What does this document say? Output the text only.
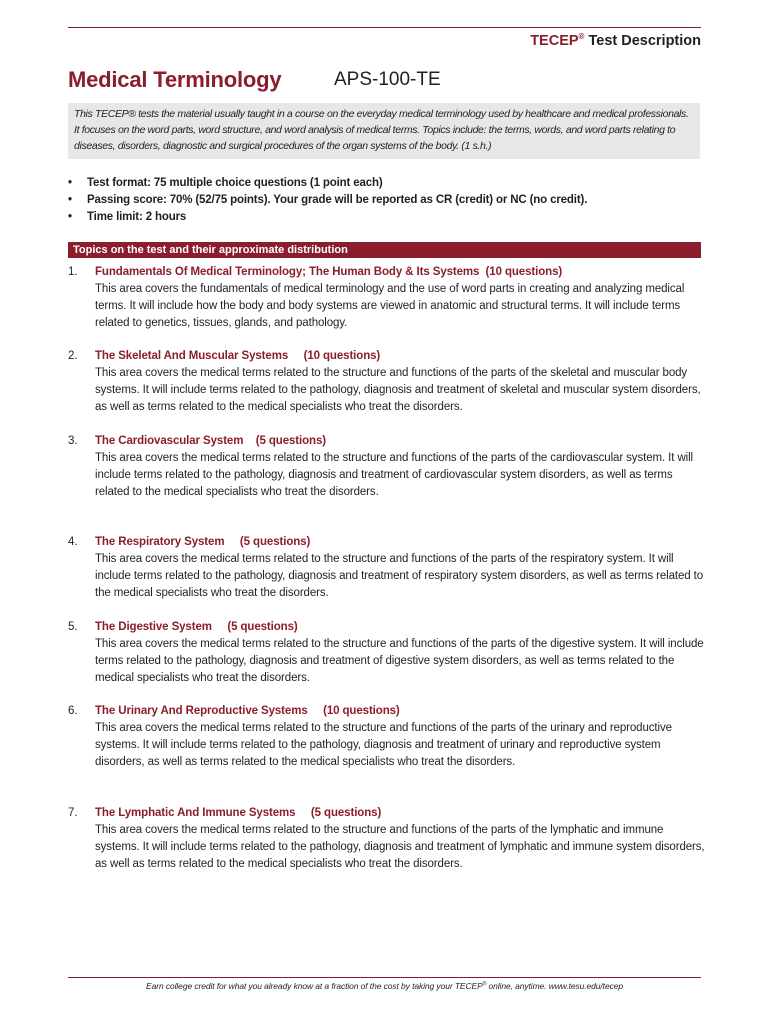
TECEP® Test Description
Medical Terminology	APS-100-TE
This TECEP® tests the material usually taught in a course on the everyday medical terminology used by healthcare and medical professionals. It focuses on the word parts, word structure, and word analysis of medical terms. Topics include: the terms, words, and word parts relating to diseases, disorders, diagnostic and surgical procedures of the organ systems of the body. (1 s.h.)
• Test format: 75 multiple choice questions (1 point each)
• Passing score: 70% (52/75 points). Your grade will be reported as CR (credit) or NC (no credit).
• Time limit: 2 hours
Topics on the test and their approximate distribution
1.	Fundamentals Of Medical Terminology; The Human Body & Its Systems  (10 questions)
This area covers the fundamentals of medical terminology and the use of word parts in creating and analyzing medical terms. It will include how the body and body systems are viewed in anatomic and structural terms. It will include terms related to genetics, tissues, glands, and pathology.
2.	The Skeletal And Muscular Systems     (10 questions)
This area covers the medical terms related to the structure and functions of the parts of the skeletal and muscular body systems. It will include terms related to the pathology, diagnosis and treatment of skeletal and muscular system disorders, as well as terms related to the medical specialists who treat the disorders.
3.	The Cardiovascular System    (5 questions)
This area covers the medical terms related to the structure and functions of the parts of the cardiovascular system. It will include terms related to the pathology, diagnosis and treatment of cardiovascular system disorders, as well as terms related to the medical specialists who treat the disorders.
4.	The Respiratory System     (5 questions)
This area covers the medical terms related to the structure and functions of the parts of the respiratory system. It will include terms related to the pathology, diagnosis and treatment of respiratory system disorders, as well as terms related to the medical specialists who treat the disorders.
5.	The Digestive System     (5 questions)
This area covers the medical terms related to the structure and functions of the parts of the digestive system. It will include terms related to the pathology, diagnosis and treatment of digestive system disorders, as well as terms related to the medical specialists who treat the disorders.
6.	The Urinary And Reproductive Systems     (10 questions)
This area covers the medical terms related to the structure and functions of the parts of the urinary and reproductive systems. It will include terms related to the pathology, diagnosis and treatment of urinary and reproductive system disorders, as well as terms related to the medical specialists who treat the disorders.
7.	The Lymphatic And Immune Systems     (5 questions)
This area covers the medical terms related to the structure and functions of the parts of the lymphatic and immune systems. It will include terms related to the pathology, diagnosis and treatment of lymphatic and immune system disorders, as well as terms related to the medical specialists who treat the disorders.
Earn college credit for what you already know at a fraction of the cost by taking your TECEP® online, anytime. www.tesu.edu/tecep
